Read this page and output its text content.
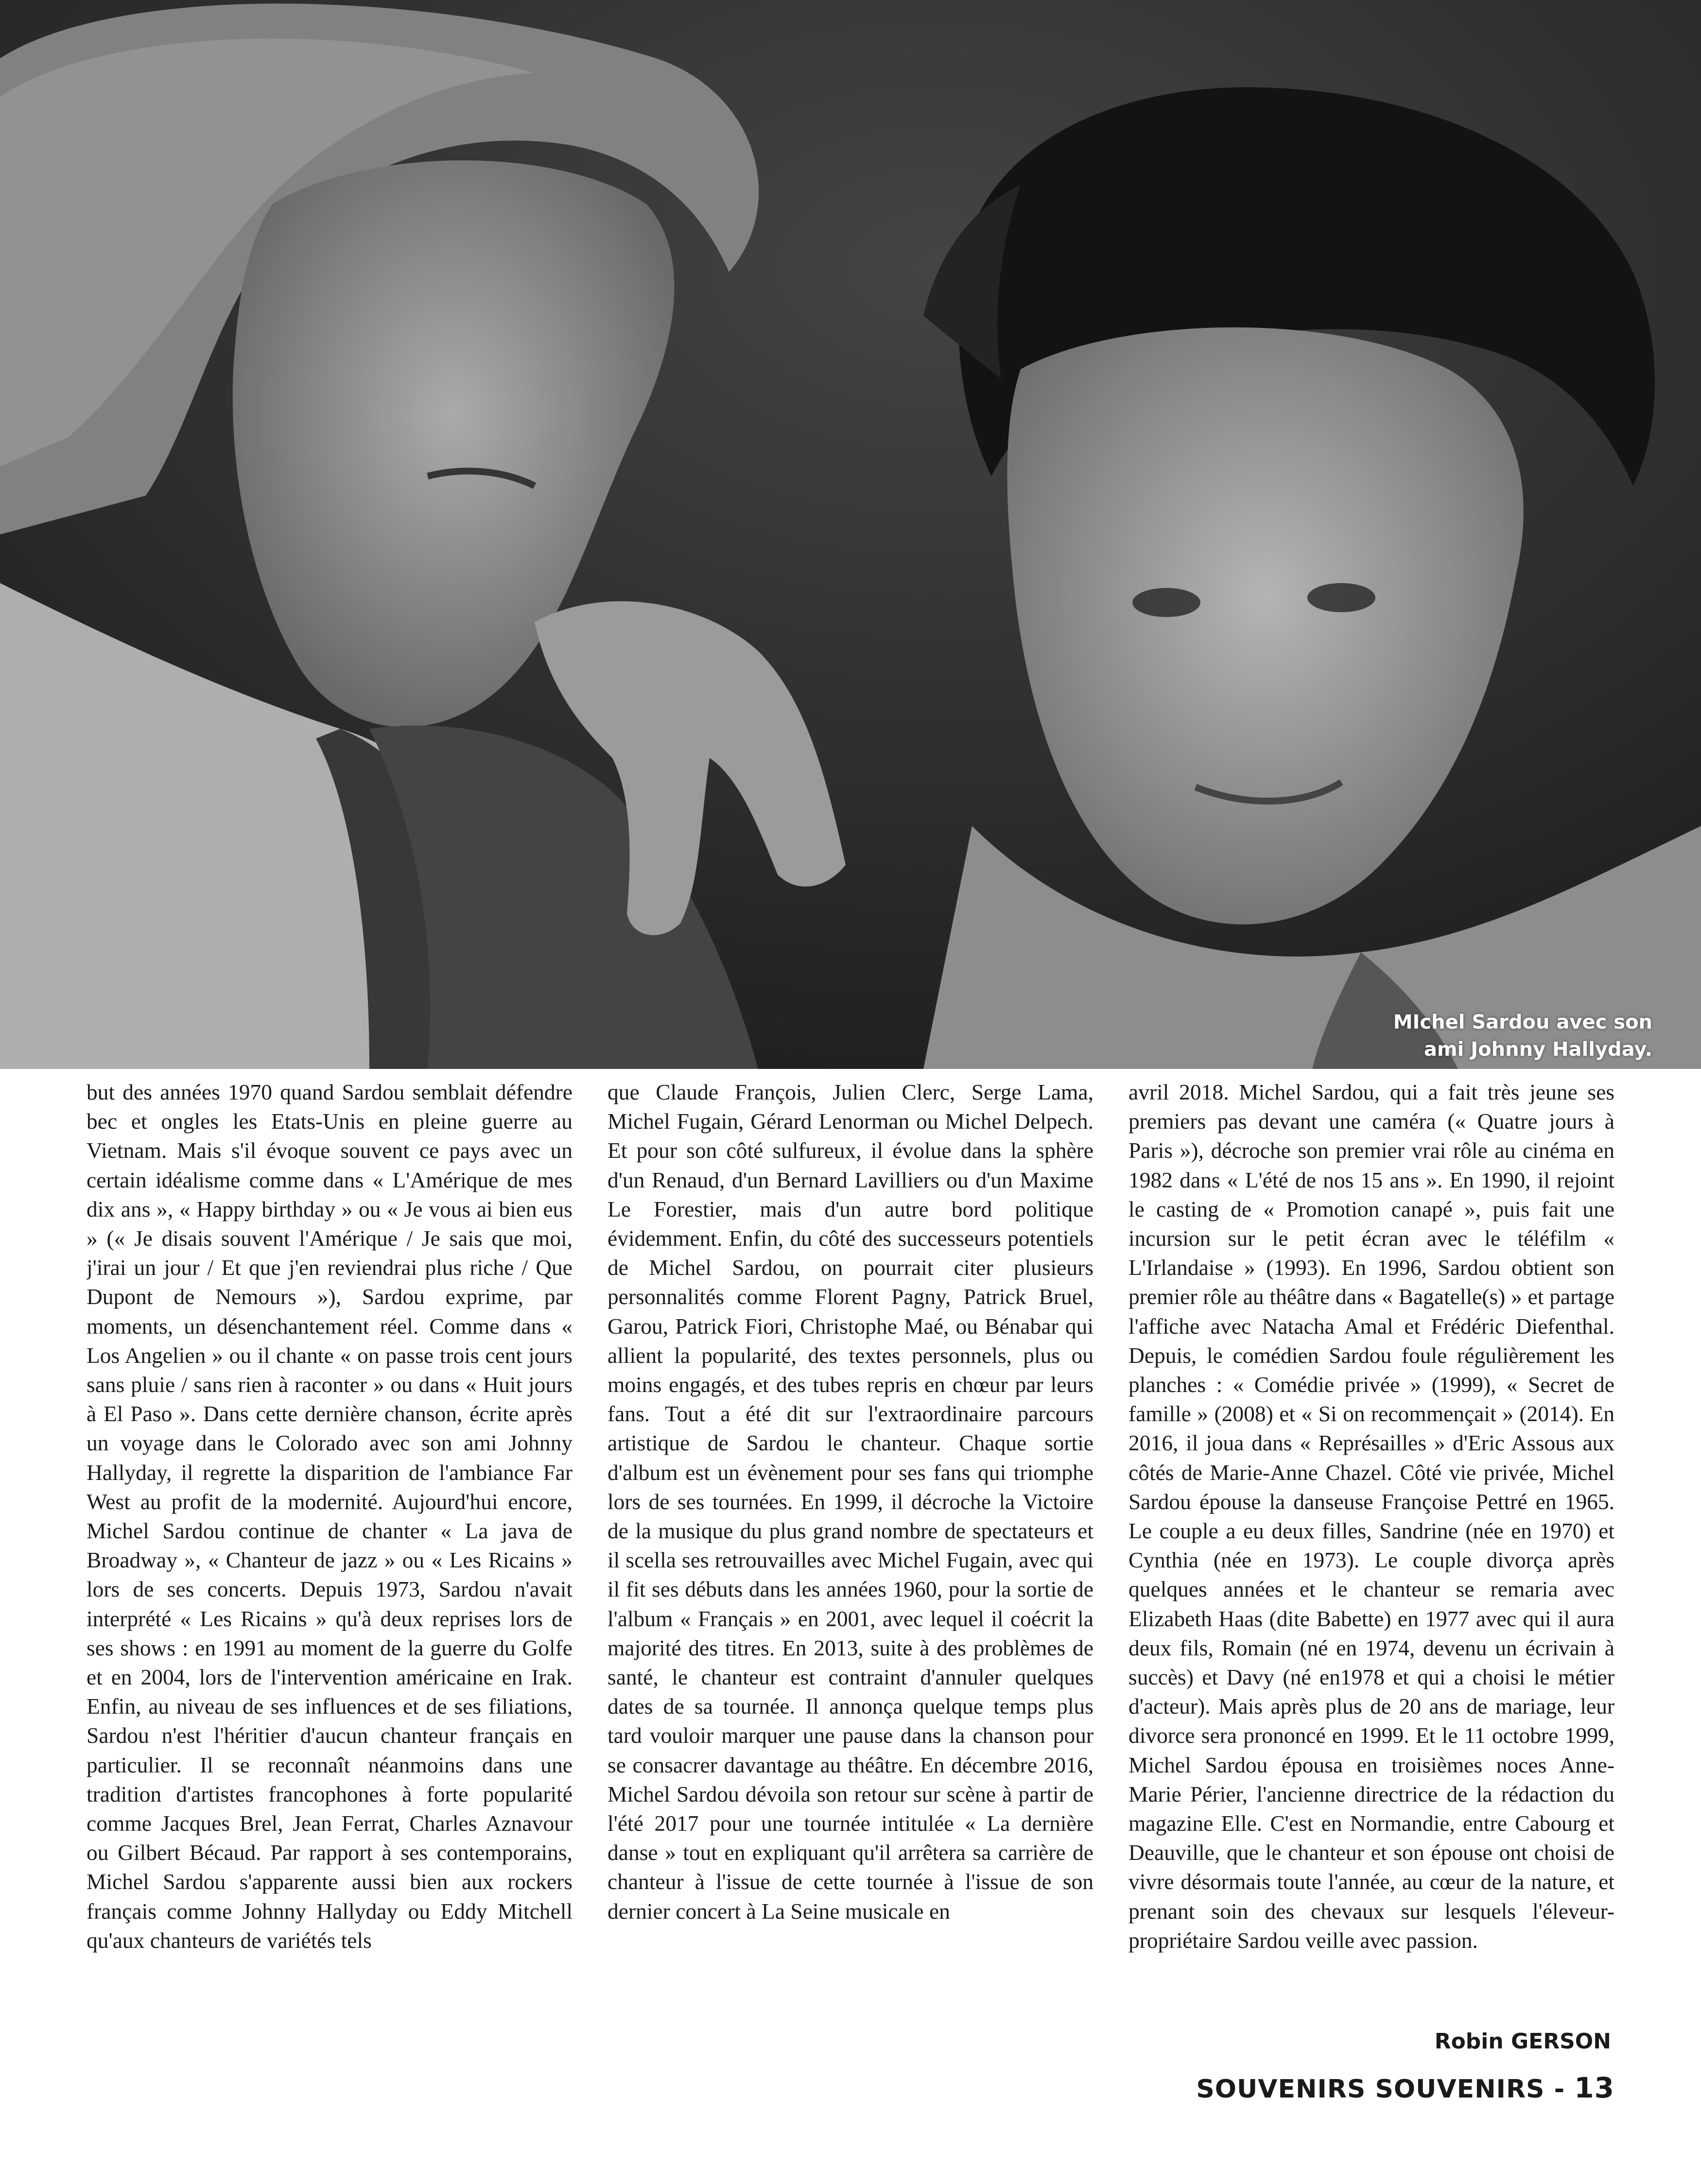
MIchel Sardou avec son
ami Johnny Hallyday.

but des années 1970 quand Sardou semblait défendre bec et ongles les Etats-Unis en pleine guerre au Vietnam. Mais s'il évoque souvent ce pays avec un certain idéalisme comme dans « L'Amérique de mes dix ans », « Happy birthday » ou « Je vous ai bien eus » (« Je disais souvent l'Amérique / Je sais que moi, j'irai un jour / Et que j'en reviendrai plus riche / Que Dupont de Nemours »), Sardou exprime, par moments, un désenchantement réel. Comme dans « Los Angelien » ou il chante « on passe trois cent jours sans pluie / sans rien à raconter » ou dans « Huit jours à El Paso ». Dans cette dernière chanson, écrite après un voyage dans le Colorado avec son ami Johnny Hallyday, il regrette la disparition de l'ambiance Far West au profit de la modernité. Aujourd'hui encore, Michel Sardou continue de chanter « La java de Broadway », « Chanteur de jazz » ou « Les Ricains » lors de ses concerts. Depuis 1973, Sardou n'avait interprété « Les Ricains » qu'à deux reprises lors de ses shows : en 1991 au moment de la guerre du Golfe et en 2004, lors de l'intervention américaine en Irak. Enfin, au niveau de ses influences et de ses filiations, Sardou n'est l'héritier d'aucun chanteur français en particulier. Il se reconnaît néanmoins dans une tradition d'artistes francophones à forte popularité comme Jacques Brel, Jean Ferrat, Charles Aznavour ou Gilbert Bécaud. Par rapport à ses contemporains, Michel Sardou s'apparente aussi bien aux rockers français comme Johnny Hallyday ou Eddy Mitchell qu'aux chanteurs de variétés tels

que Claude François, Julien Clerc, Serge Lama, Michel Fugain, Gérard Lenorman ou Michel Delpech. Et pour son côté sulfureux, il évolue dans la sphère d'un Renaud, d'un Bernard Lavilliers ou d'un Maxime Le Forestier, mais d'un autre bord politique évidemment. Enfin, du côté des successeurs potentiels de Michel Sardou, on pourrait citer plusieurs personnalités comme Florent Pagny, Patrick Bruel, Garou, Patrick Fiori, Christophe Maé, ou Bénabar qui allient la popularité, des textes personnels, plus ou moins engagés, et des tubes repris en chœur par leurs fans. Tout a été dit sur l'extraordinaire parcours artistique de Sardou le chanteur. Chaque sortie d'album est un évènement pour ses fans qui triomphe lors de ses tournées. En 1999, il décroche la Victoire de la musique du plus grand nombre de spectateurs et il scella ses retrouvailles avec Michel Fugain, avec qui il fit ses débuts dans les années 1960, pour la sortie de l'album « Français » en 2001, avec lequel il coécrit la majorité des titres. En 2013, suite à des problèmes de santé, le chanteur est contraint d'annuler quelques dates de sa tournée. Il annonça quelque temps plus tard vouloir marquer une pause dans la chanson pour se consacrer davantage au théâtre. En décembre 2016, Michel Sardou dévoila son retour sur scène à partir de l'été 2017 pour une tournée intitulée « La dernière danse » tout en expliquant qu'il arrêtera sa carrière de chanteur à l'issue de cette tournée à l'issue de son dernier concert à La Seine musicale en

avril 2018. Michel Sardou, qui a fait très jeune ses premiers pas devant une caméra (« Quatre jours à Paris »), décroche son premier vrai rôle au cinéma en 1982 dans « L'été de nos 15 ans ». En 1990, il rejoint le casting de « Promotion canapé », puis fait une incursion sur le petit écran avec le téléfilm « L'Irlandaise » (1993). En 1996, Sardou obtient son premier rôle au théâtre dans « Bagatelle(s) » et partage l'affiche avec Natacha Amal et Frédéric Diefenthal. Depuis, le comédien Sardou foule régulièrement les planches : « Comédie privée » (1999), « Secret de famille » (2008) et « Si on recommençait » (2014). En 2016, il joua dans « Représailles » d'Eric Assous aux côtés de Marie-Anne Chazel. Côté vie privée, Michel Sardou épouse la danseuse Françoise Pettré en 1965. Le couple a eu deux filles, Sandrine (née en 1970) et Cynthia (née en 1973). Le couple divorça après quelques années et le chanteur se remaria avec Elizabeth Haas (dite Babette) en 1977 avec qui il aura deux fils, Romain (né en 1974, devenu un écrivain à succès) et Davy (né en1978 et qui a choisi le métier d'acteur). Mais après plus de 20 ans de mariage, leur divorce sera prononcé en 1999. Et le 11 octobre 1999, Michel Sardou épousa en troisièmes noces Anne-Marie Périer, l'ancienne directrice de la rédaction du magazine Elle. C'est en Normandie, entre Cabourg et Deauville, que le chanteur et son épouse ont choisi de vivre désormais toute l'année, au cœur de la nature, et prenant soin des chevaux sur lesquels l'éleveur-propriétaire Sardou veille avec passion.

Robin GERSON
SOUVENIRS SOUVENIRS - 13
